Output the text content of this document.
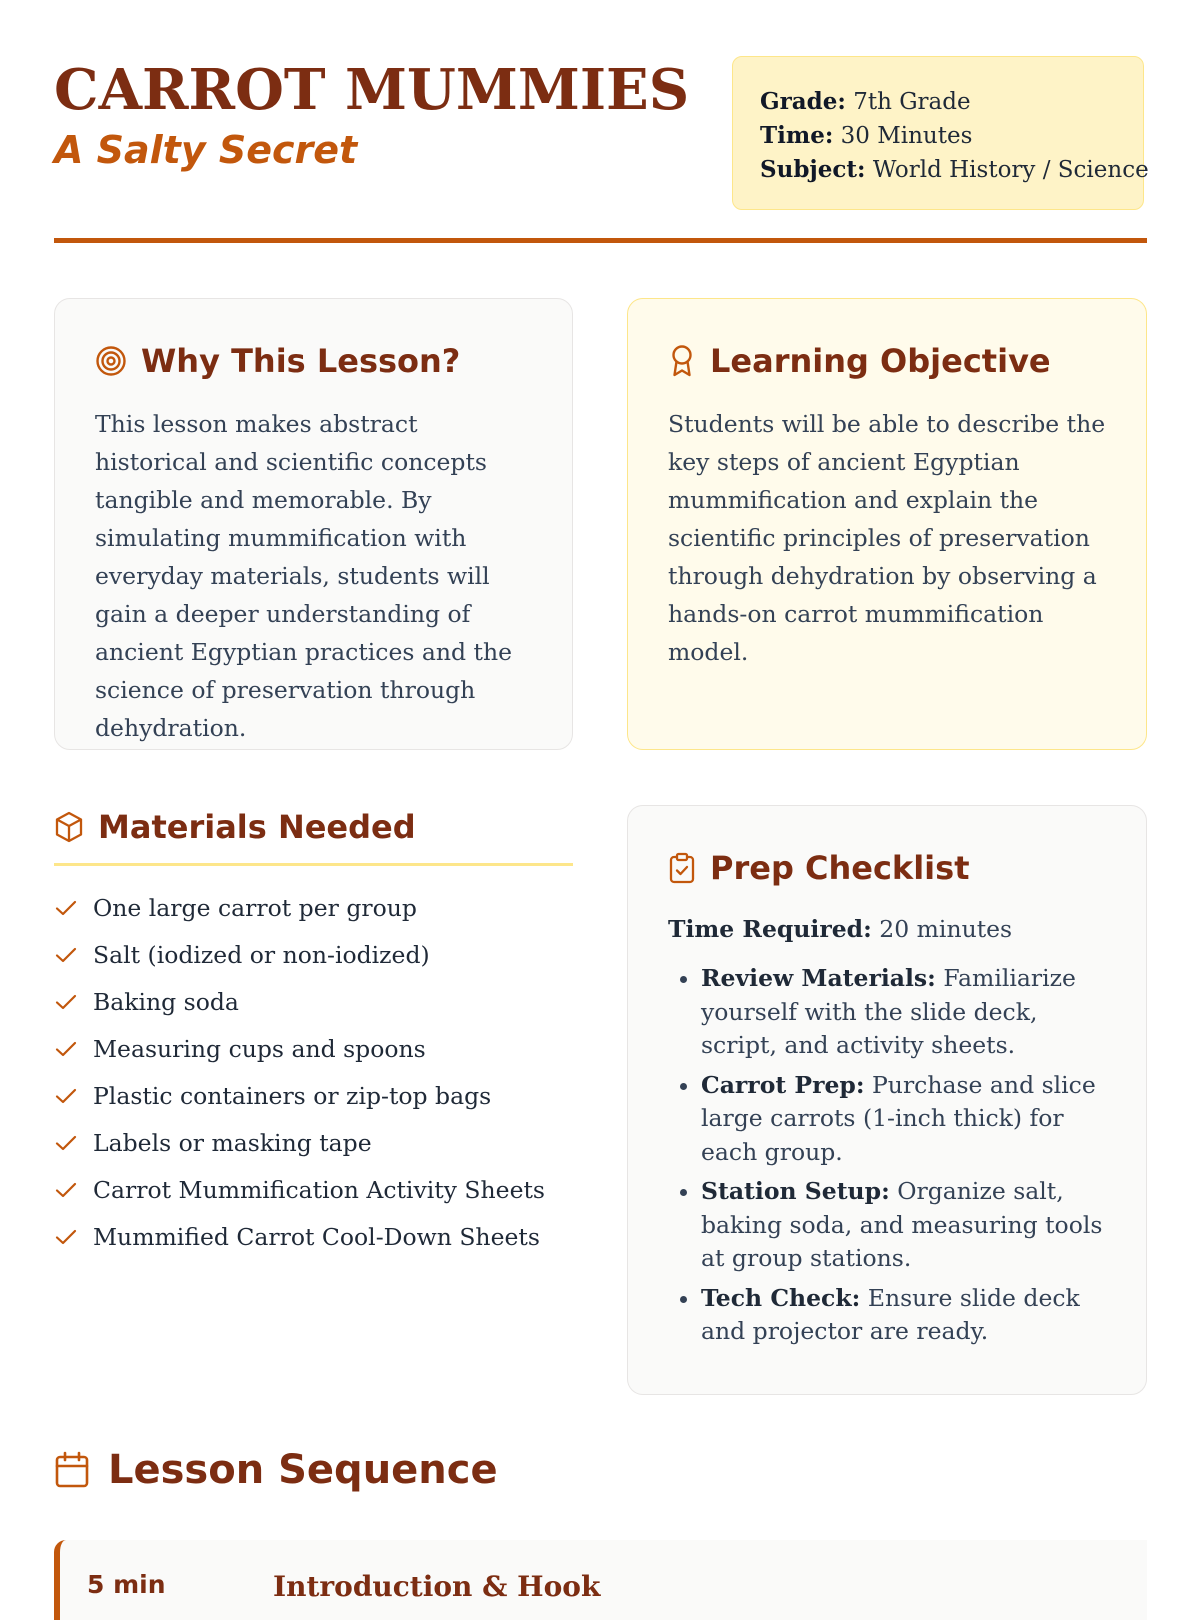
CARROT MUMMIES
A Salty Secret
Grade: 7th Grade
Time: 30 Minutes
Subject: World History / Science
Why This Lesson?
This lesson makes abstract historical and scientific concepts tangible and memorable. By simulating mummification with everyday materials, students will gain a deeper understanding of ancient Egyptian practices and the science of preservation through dehydration.
Learning Objective
Students will be able to describe the key steps of ancient Egyptian mummification and explain the scientific principles of preservation through dehydration by observing a hands-on carrot mummification model.
Materials Needed
One large carrot per group
Salt (iodized or non-iodized)
Baking soda
Measuring cups and spoons
Plastic containers or zip-top bags
Labels or masking tape
Carrot Mummification Activity Sheets
Mummified Carrot Cool-Down Sheets
Prep Checklist
Time Required: 20 minutes
• Review Materials: Familiarize yourself with the slide deck, script, and activity sheets.
• Carrot Prep: Purchase and slice large carrots (1-inch thick) for each group.
• Station Setup: Organize salt, baking soda, and measuring tools at group stations.
• Tech Check: Ensure slide deck and projector are ready.
Lesson Sequence
5 min	Introduction & Hook
